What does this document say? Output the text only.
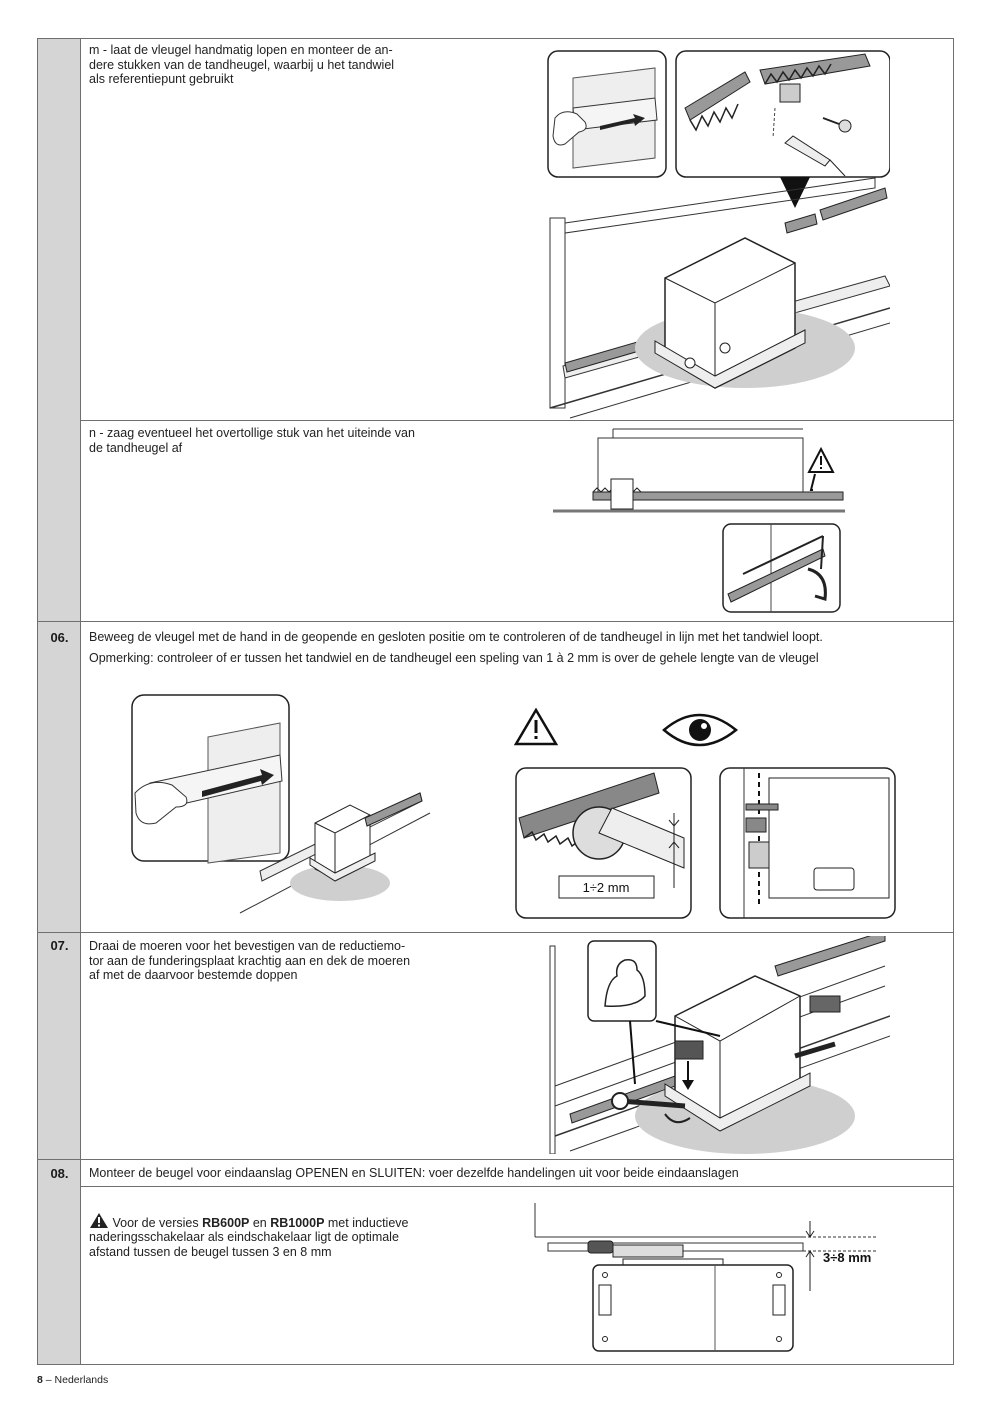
06.
07.
08.
m - laat de vleugel handmatig lopen en monteer de an-
dere stukken van de tandheugel, waarbij u het tandwiel
als referentiepunt gebruikt
n - zaag eventueel het overtollige stuk van het uiteinde van
de tandheugel af
Beweeg de vleugel met de hand in de geopende en gesloten positie om te controleren of de tandheugel in lijn met het tandwiel loopt.
Opmerking: controleer of er tussen het tandwiel en de tandheugel een speling van 1 à 2 mm is over de gehele lengte van de vleugel
Draai de moeren voor het bevestigen van de reductiemo-
tor aan de funderingsplaat krachtig aan en dek de moeren
af met de daarvoor bestemde doppen
Monteer de beugel voor eindaanslag OPENEN en SLUITEN: voer dezelfde handelingen uit voor beide eindaanslagen

Voor de versies RB600P en RB1000P met inductieve
naderingsschakelaar als eindschakelaar ligt de optimale
afstand tussen de beugel tussen 3 en 8 mm

1÷2 mm
3÷8 mm
8 – Nederlands
